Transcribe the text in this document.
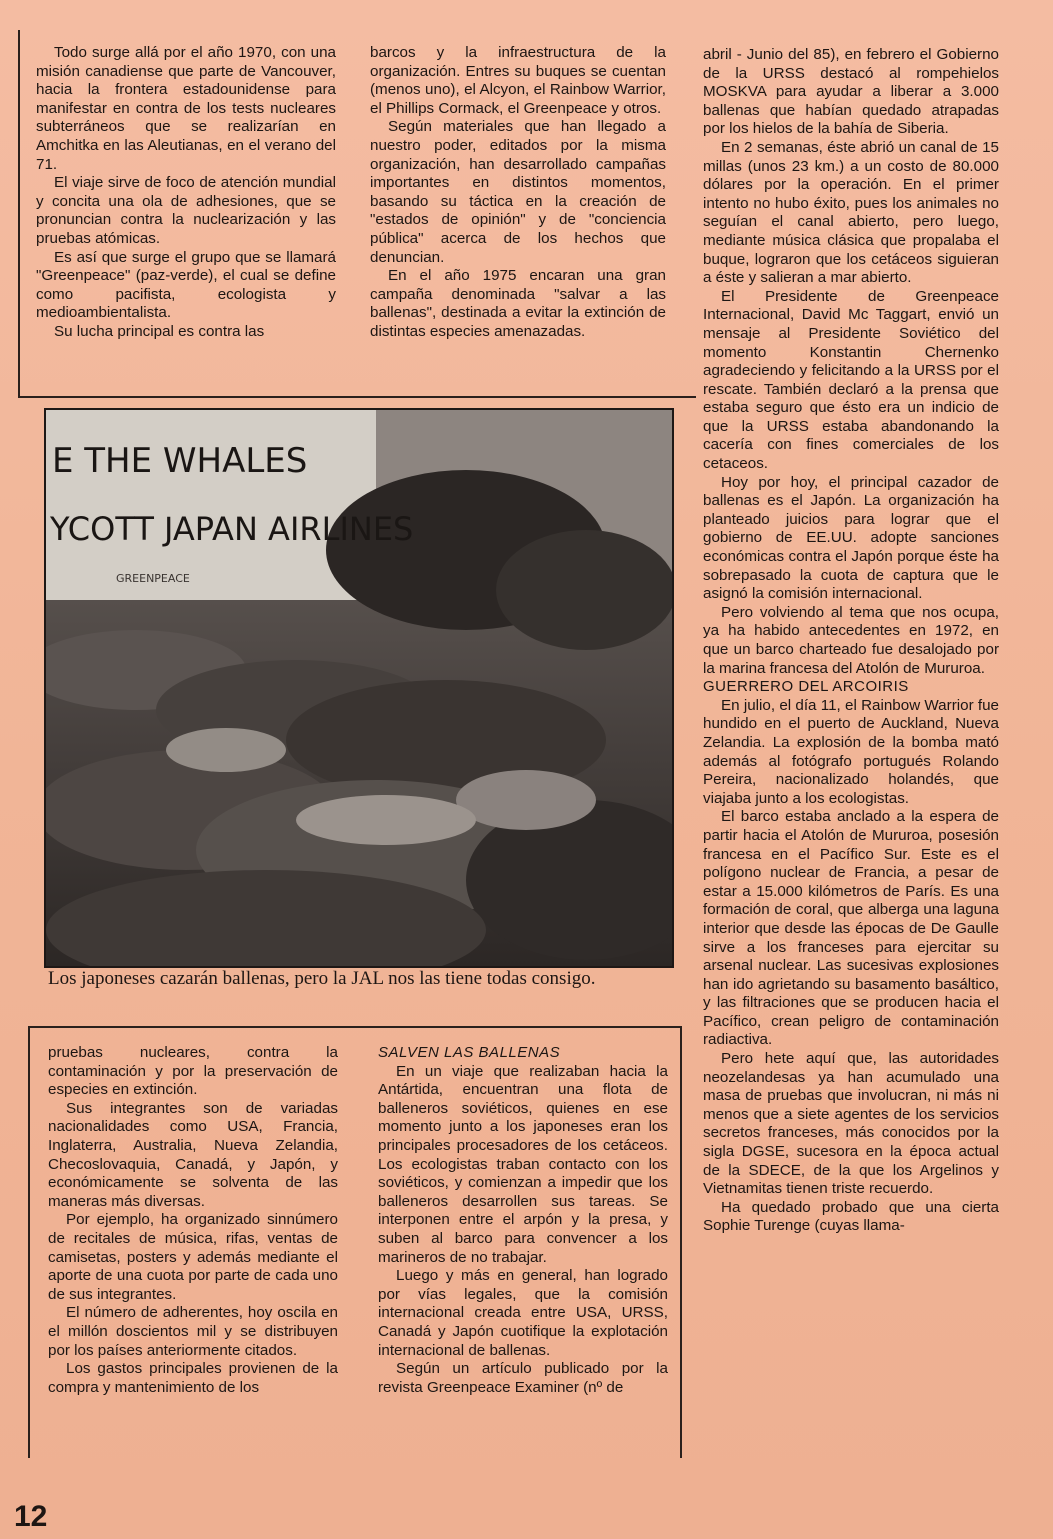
Todo surge allá por el año 1970, con una misión canadiense que parte de Vancouver, hacia la frontera estadounidense para manifestar en contra de los tests nucleares subterráneos que se realizarían en Amchitka en las Aleutianas, en el verano del 71.

El viaje sirve de foco de atención mundial y concita una ola de adhesiones, que se pronuncian contra la nuclearización y las pruebas atómicas.

Es así que surge el grupo que se llamará "Greenpeace" (paz-verde), el cual se define como pacifista, ecologista y medioambientalista.

Su lucha principal es contra las

barcos y la infraestructura de la organización. Entres su buques se cuentan (menos uno), el Alcyon, el Rainbow Warrior, el Phillips Cormack, el Greenpeace y otros.

Según materiales que han llegado a nuestro poder, editados por la misma organización, han desarrollado campañas importantes en distintos momentos, basando su táctica en la creación de "estados de opinión" y de "conciencia pública" acerca de los hechos que denuncian.

En el año 1975 encaran una gran campaña denominada "salvar a las ballenas", destinada a evitar la extinción de distintas especies amenazadas.

E THE WHALES
YCOTT JAPAN AIRLINES
GREENPEACE
Los japoneses cazarán ballenas, pero la JAL nos las tiene todas consigo.

pruebas nucleares, contra la contaminación y por la preservación de especies en extinción.

Sus integrantes son de variadas nacionalidades como USA, Francia, Inglaterra, Australia, Nueva Zelandia, Checoslovaquia, Canadá, y Japón, y económicamente se solventa de las maneras más diversas.

Por ejemplo, ha organizado sinnúmero de recitales de música, rifas, ventas de camisetas, posters y además mediante el aporte de una cuota por parte de cada uno de sus integrantes.

El número de adherentes, hoy oscila en el millón doscientos mil y se distribuyen por los países anteriormente citados.

Los gastos principales provienen de la compra y mantenimiento de los

SALVEN LAS BALLENAS

En un viaje que realizaban hacia la Antártida, encuentran una flota de balleneros soviéticos, quienes en ese momento junto a los japoneses eran los principales procesadores de los cetáceos. Los ecologistas traban contacto con los soviéticos, y comienzan a impedir que los balleneros desarrollen sus tareas. Se interponen entre el arpón y la presa, y suben al barco para convencer a los marineros de no trabajar.

Luego y más en general, han logrado por vías legales, que la comisión internacional creada entre USA, URSS, Canadá y Japón cuotifique la explotación internacional de ballenas.

Según un artículo publicado por la revista Greenpeace Examiner (nº de

abril - Junio del 85), en febrero el Gobierno de la URSS destacó al rompehielos MOSKVA para ayudar a liberar a 3.000 ballenas que habían quedado atrapadas por los hielos de la bahía de Siberia.

En 2 semanas, éste abrió un canal de 15 millas (unos 23 km.) a un costo de 80.000 dólares por la operación. En el primer intento no hubo éxito, pues los animales no seguían el canal abierto, pero luego, mediante música clásica que propalaba el buque, lograron que los cetáceos siguieran a éste y salieran a mar abierto.

El Presidente de Greenpeace Internacional, David Mc Taggart, envió un mensaje al Presidente Soviético del momento Konstantin Chernenko agradeciendo y felicitando a la URSS por el rescate. También declaró a la prensa que estaba seguro que ésto era un indicio de que la URSS estaba abandonando la cacería con fines comerciales de los cetaceos.

Hoy por hoy, el principal cazador de ballenas es el Japón. La organización ha planteado juicios para lograr que el gobierno de EE.UU. adopte sanciones económicas contra el Japón porque éste ha sobrepasado la cuota de captura que le asignó la comisión internacional.

Pero volviendo al tema que nos ocupa, ya ha habido antecedentes en 1972, en que un barco charteado fue desalojado por la marina francesa del Atolón de Mururoa.

GUERRERO DEL ARCOIRIS

En julio, el día 11, el Rainbow Warrior fue hundido en el puerto de Auckland, Nueva Zelandia. La explosión de la bomba mató además al fotógrafo portugués Rolando Pereira, nacionalizado holandés, que viajaba junto a los ecologistas.

El barco estaba anclado a la espera de partir hacia el Atolón de Mururoa, posesión francesa en el Pacífico Sur. Este es el polígono nuclear de Francia, a pesar de estar a 15.000 kilómetros de París. Es una formación de coral, que alberga una laguna interior que desde las épocas de De Gaulle sirve a los franceses para ejercitar su arsenal nuclear. Las sucesivas explosiones han ido agrietando su basamento basáltico, y las filtraciones que se producen hacia el Pacífico, crean peligro de contaminación radiactiva.

Pero hete aquí que, las autoridades neozelandesas ya han acumulado una masa de pruebas que involucran, ni más ni menos que a siete agentes de los servicios secretos franceses, más conocidos por la sigla DGSE, sucesora en la época actual de la SDECE, de la que los Argelinos y Vietnamitas tienen triste recuerdo.

Ha quedado probado que una cierta Sophie Turenge (cuyas llama-

12
